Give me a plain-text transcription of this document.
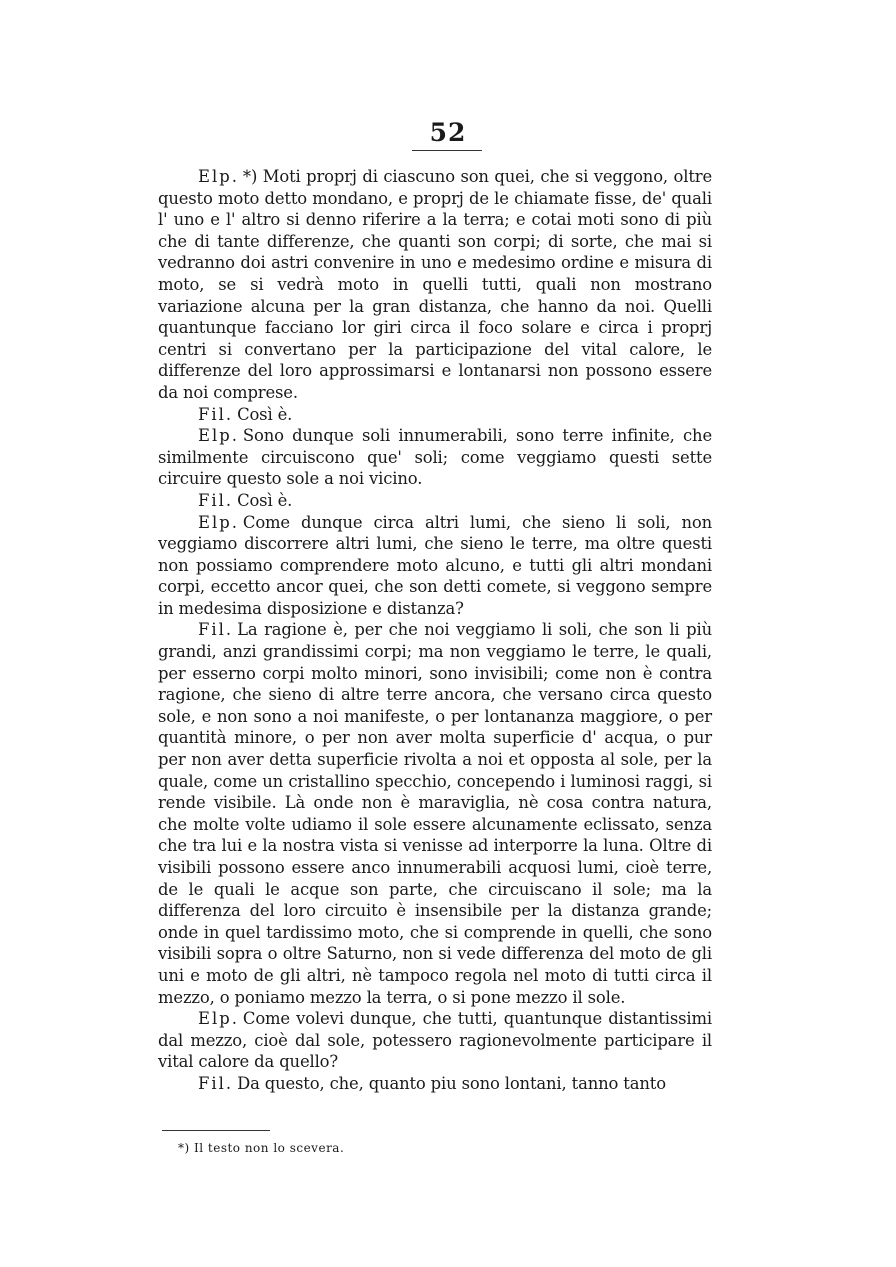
52

Elp. *) Moti proprj di ciascuno son quei, che si veggono, oltre questo moto detto mondano, e proprj de le chiamate fisse, de' quali l' uno e l' altro si denno riferire a la terra; e cotai moti sono di più che di tante differenze, che quanti son corpi; di sorte, che mai si vedranno doi astri convenire in uno e medesimo ordine e misura di moto, se si vedrà moto in quelli tutti, quali non mostrano variazione alcuna per la gran distanza, che hanno da noi. Quelli quantunque facciano lor giri circa il foco solare e circa i proprj centri si convertano per la participazione del vital calore, le differenze del loro approssimarsi e lontanarsi non possono essere da noi comprese.

Fil. Così è.

Elp. Sono dunque soli innumerabili, sono terre infinite, che similmente circuiscono que' soli; come veggiamo questi sette circuire questo sole a noi vicino.

Fil. Così è.

Elp. Come dunque circa altri lumi, che sieno li soli, non veggiamo discorrere altri lumi, che sieno le terre, ma oltre questi non possiamo comprendere moto alcuno, e tutti gli altri mondani corpi, eccetto ancor quei, che son detti comete, si veggono sempre in medesima disposizione e distanza?

Fil. La ragione è, per che noi veggiamo li soli, che son li più grandi, anzi grandissimi corpi; ma non veggiamo le terre, le quali, per esserno corpi molto minori, sono invisibili; come non è contra ragione, che sieno di altre terre ancora, che versano circa questo sole, e non sono a noi manifeste, o per lontananza maggiore, o per quantità minore, o per non aver molta superficie d' acqua, o pur per non aver detta superficie rivolta a noi et opposta al sole, per la quale, come un cristallino specchio, concependo i luminosi raggi, si rende visibile. Là onde non è maraviglia, nè cosa contra natura, che molte volte udiamo il sole essere alcunamente eclissato, senza che tra lui e la nostra vista si venisse ad interporre la luna. Oltre di visibili possono essere anco innumerabili acquosi lumi, cioè terre, de le quali le acque son parte, che circuiscano il sole; ma la differenza del loro circuito è insensibile per la distanza grande; onde in quel tardissimo moto, che si comprende in quelli, che sono visibili sopra o oltre Saturno, non si vede differenza del moto de gli uni e moto de gli altri, nè tampoco regola nel moto di tutti circa il mezzo, o poniamo mezzo la terra, o si pone mezzo il sole.

Elp. Come volevi dunque, che tutti, quantunque distantissimi dal mezzo, cioè dal sole, potessero ragionevolmente participare il vital calore da quello?

Fil. Da questo, che, quanto piu sono lontani, tanno tanto

*) Il testo non lo scevera.
